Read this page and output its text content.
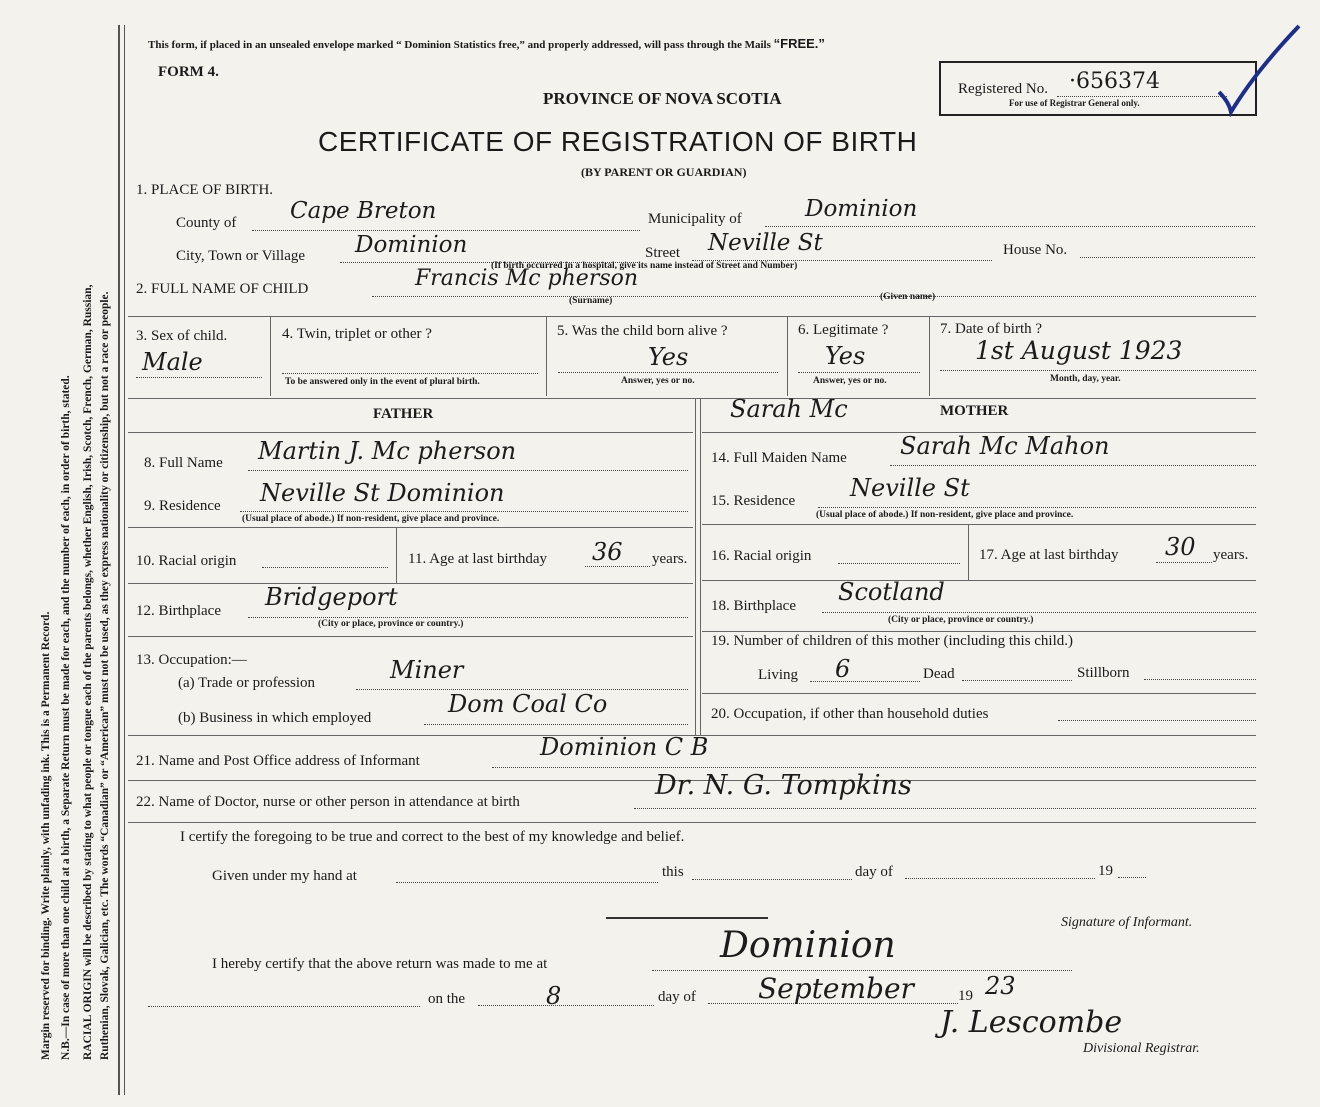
Margin reserved for binding. Write plainly, with unfading ink. This is a Permanent Record. N.B.—In case of more than one child at a birth, a Separate Return must be made for each, and the number of each, in order of birth, stated. RACIAL ORIGIN will be described by stating to what people or tongue each of the parents belongs, whether English, Irish, Scotch, French, German, Russian, Ruthenian, Slovak, Galician, etc. The words “Canadian” or “American” must not be used, as they express nationality or citizenship, but not a race or people.
This form, if placed in an unsealed envelope marked “ Dominion Statistics free,” and properly addressed, will pass through the Mails “FREE.”
FORM 4.
PROVINCE OF NOVA SCOTIA
CERTIFICATE OF REGISTRATION OF BIRTH
(BY PARENT OR GUARDIAN)
Registered No. ·656374
For use of Registrar General only.
1. PLACE OF BIRTH.
County of Cape Breton	Municipality of	Dominion
City, Town or Village Dominion	Street Neville St	House No.
(If birth occurred in a hospital, give its name instead of Street and Number)
2. FULL NAME OF CHILD	Francis Mc pherson
(Surname)	(Given name)
3. Sex of child.
Male
4. Twin, triplet or other ?
To be answered only in the event of plural birth.
5. Was the child born alive ?
Yes
Answer, yes or no.
6. Legitimate ?
Yes
Answer, yes or no.
7. Date of birth ?
1st August 1923
Month, day, year.
FATHER	Sarah Mc	MOTHER
8. Full Name Martin J. Mc pherson	14. Full Maiden Name Sarah Mc Mahon
9. Residence Neville St Dominion
(Usual place of abode.) If non-resident, give place and province.
15. Residence Neville St
(Usual place of abode.) If non-resident, give place and province.
10. Racial origin	11. Age at last birthday 36 years. 16. Racial origin	17. Age at last birthday 30 years.
12. Birthplace Bridgeport
(City or place, province or country.)
18. Birthplace Scotland
(City or place, province or country.)
13. Occupation:—
(a) Trade or profession	Miner
(b) Business in which employed	Dom Coal Co
19. Number of children of this mother (including this child.)
Living 6	Dead	Stillborn
20. Occupation, if other than household duties
21. Name and Post Office address of Informant	Dominion C B
22. Name of Doctor, nurse or other person in attendance at birth
Dr. N. G. Tompkins
I certify the foregoing to be true and correct to the best of my knowledge and belief.
Given under my hand at	this	day of	19
Signature of Informant.
I hereby certify that the above return was made to me at	Dominion
on the	8	day of September	19 23
J. Lescombe
Divisional Registrar.
